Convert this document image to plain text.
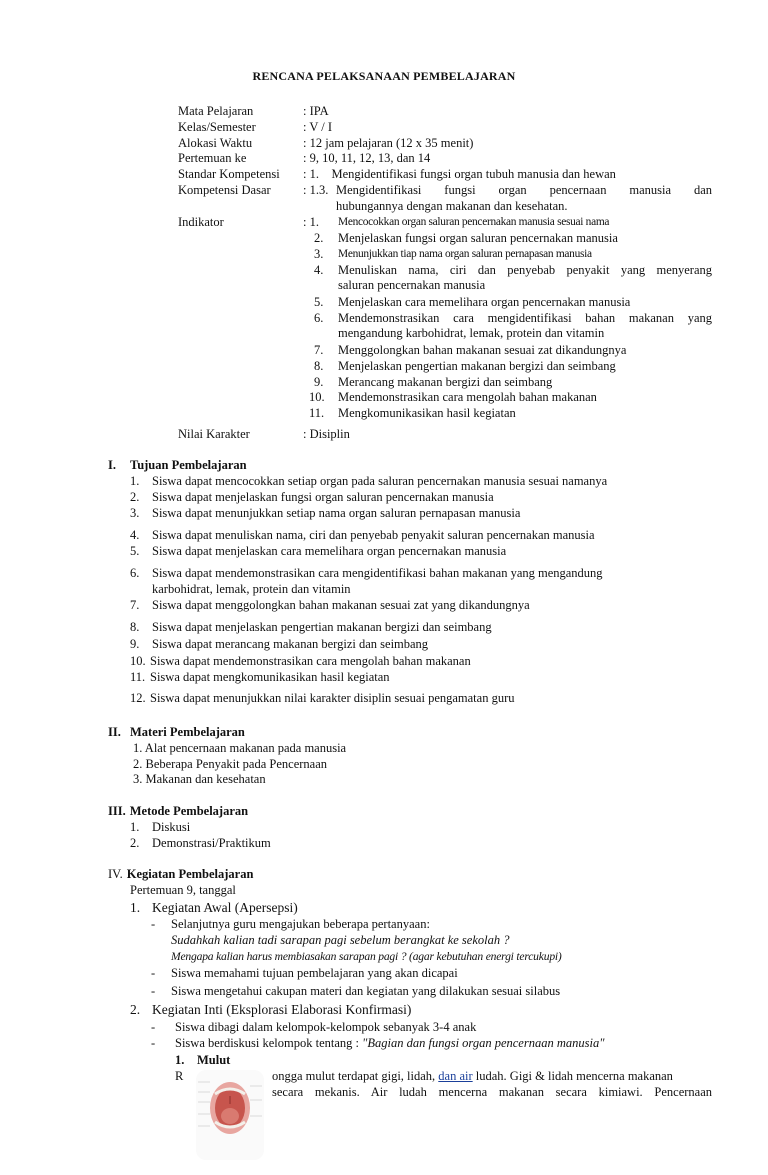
RENCANA PELAKSANAAN PEMBELAJARAN
Mata Pelajaran	: IPA
Kelas/Semester	: V / I
Alokasi Waktu	: 12 jam pelajaran (12 x 35 menit)
Pertemuan ke	: 9, 10, 11, 12, 13, dan 14
Standar Kompetensi : 1.    Mengidentifikasi fungsi organ tubuh manusia dan hewan
Kompetensi Dasar	: 1.3. Mengidentifikasi fungsi organ pencernaan manusia dan
hubungannya dengan makanan dan kesehatan.
Indikator	: 1. Mencocokkan organ saluran pencernakan manusia sesuai nama
2. Menjelaskan fungsi organ saluran pencernakan manusia
3. Menunjukkan tiap nama organ saluran pernapasan manusia
4. Menuliskan nama, ciri dan penyebab penyakit yang menyerang
saluran pencernakan manusia
5. Menjelaskan cara memelihara organ pencernakan manusia
6. Mendemonstrasikan cara mengidentifikasi bahan makanan yang
mengandung karbohidrat, lemak, protein dan vitamin
7. Menggolongkan bahan makanan sesuai zat dikandungnya
8. Menjelaskan pengertian makanan bergizi dan seimbang
9. Merancang makanan bergizi dan seimbang
10. Mendemonstrasikan cara mengolah bahan makanan
11. Mengkomunikasikan hasil kegiatan
Nilai Karakter	: Disiplin
I. Tujuan Pembelajaran
1. Siswa dapat mencocokkan setiap organ pada saluran pencernakan manusia sesuai namanya
2. Siswa dapat menjelaskan fungsi organ saluran pencernakan manusia
3. Siswa dapat menunjukkan setiap nama organ saluran pernapasan manusia
4. Siswa dapat menuliskan nama, ciri dan penyebab penyakit saluran pencernakan manusia
5. Siswa dapat menjelaskan cara memelihara organ pencernakan manusia
6. Siswa dapat mendemonstrasikan cara mengidentifikasi bahan makanan yang mengandung
karbohidrat, lemak, protein dan vitamin
7. Siswa dapat menggolongkan bahan makanan sesuai zat yang dikandungnya
8. Siswa dapat menjelaskan pengertian makanan bergizi dan seimbang
9. Siswa dapat merancang makanan bergizi dan seimbang
10. Siswa dapat mendemonstrasikan cara mengolah bahan makanan
11. Siswa dapat mengkomunikasikan hasil kegiatan
12. Siswa dapat menunjukkan nilai karakter disiplin sesuai pengamatan guru
II. Materi Pembelajaran
1. Alat pencernaan makanan pada manusia
2. Beberapa Penyakit pada Pencernaan
3. Makanan dan kesehatan
III. Metode Pembelajaran
1. Diskusi
2. Demonstrasi/Praktikum
IV. Kegiatan Pembelajaran
Pertemuan 9, tanggal
1. Kegiatan Awal (Apersepsi)
- Selanjutnya guru mengajukan beberapa pertanyaan:
Sudahkah kalian tadi sarapan pagi sebelum berangkat ke sekolah ?
Mengapa kalian harus membiasakan sarapan pagi ? (agar kebutuhan energi tercukupi)
- Siswa memahami tujuan pembelajaran yang akan dicapai
- Siswa mengetahui cakupan materi dan kegiatan yang dilakukan sesuai silabus
2. Kegiatan Inti (Eksplorasi Elaborasi Konfirmasi)
- Siswa dibagi dalam kelompok-kelompok sebanyak 3-4 anak
- Siswa berdiskusi kelompok tentang : "Bagian dan fungsi organ pencernaan manusia"
1. Mulut
R	ongga mulut terdapat gigi, lidah, dan air ludah. Gigi & lidah mencerna makanan
secara mekanis. Air ludah mencerna makanan secara kimiawi. Pencernaan
